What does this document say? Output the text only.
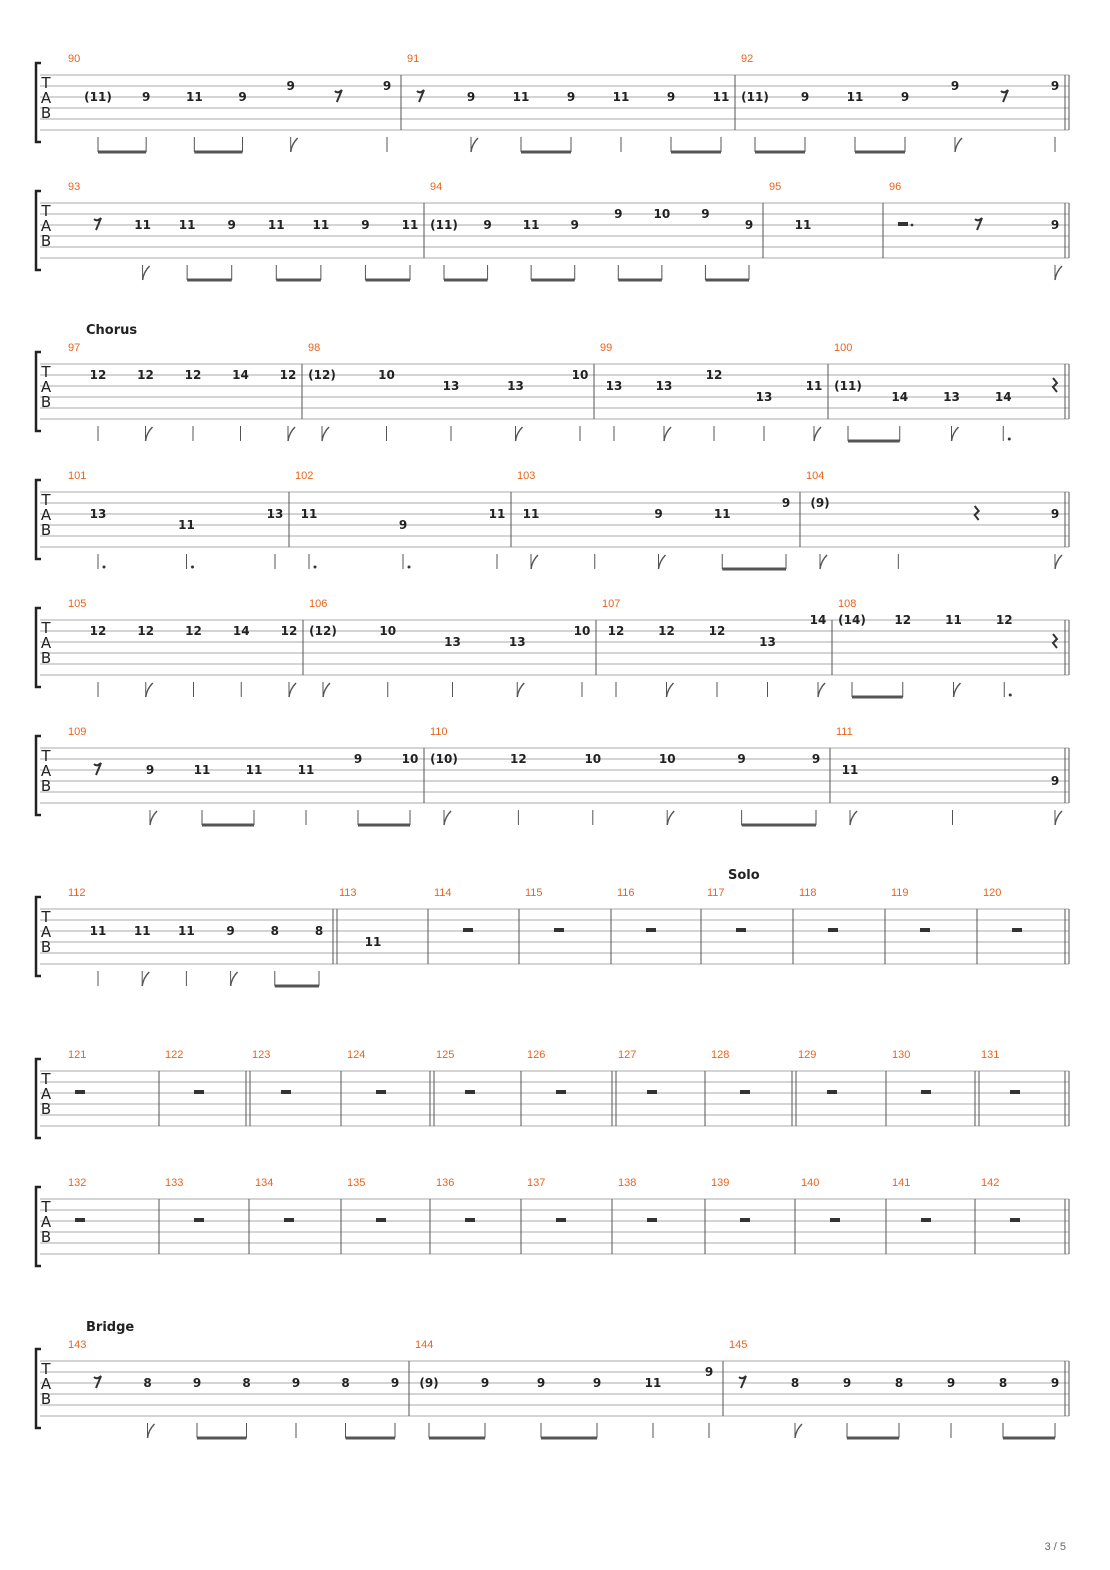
T
A
B
90
(11)	9	11	9
9	9
91
9	11	9	11	9	11
92
(11)	9	11	9
9	9
T
A
B
93
11 11	9	11 11	9	11
94
(11) 9	11	9
9	10	9
9
95
11
96
9
Chorus
T
A
B
97
12	12	12	14	12
98
(12)	10
13	13
10
99
13	13
12
13
11
100
(11)
14	13	14
T
A
B
101
13
11
13
102
11
9
11
103
11	9	11
9
104
(9)
9
T
A
B
105
12	12	12	14	12
106
(12)	10
13	13
10
107
12	12	12
13
14
108
(14) 12	11	12
T
A
B
109
9	11	11	11
9	10
110
(10)	12	10	10	9	9
111
11
9
Solo
T
A
B
112
11 11 11	9	8	8
113
11
114	115	116	117	118	119	120
T
A
B
121	122	123	124	125	126	127	128	129	130	131
T
A
B
132	133	134	135	136	137	138	139	140	141	142
Bridge
T
A
B
143
8	9	8	9	8	9
144
(9)	9	9	9	11
9
145
8	9	8	9	8	9
3 / 5
